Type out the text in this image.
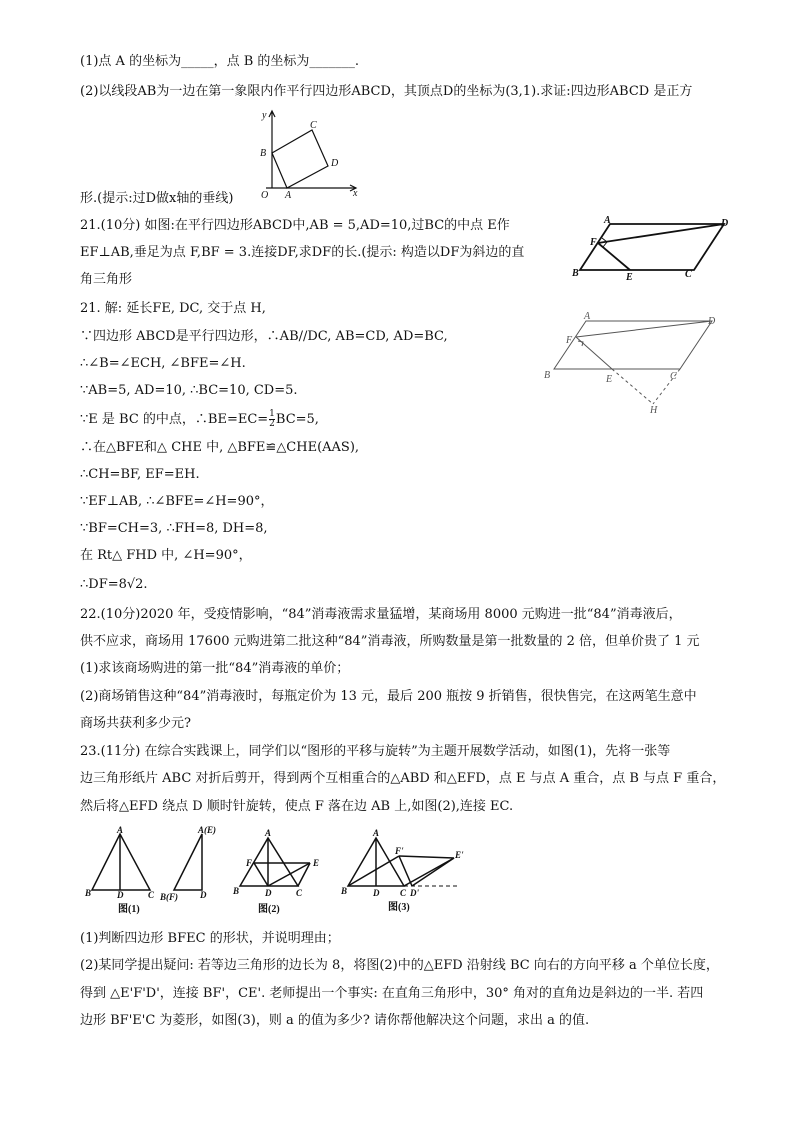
(1)点 A 的坐标为_____，点 B 的坐标为_______.
(2)以线段AB为一边在第一象限内作平行四边形ABCD，其顶点D的坐标为(3,1).求证:四边形ABCD 是正方
y
C
B
D
O A	x
形.(提示:过D做x轴的垂线)
21.(10分) 如图:在平行四边形ABCD中,AB = 5,AD=10,过BC的中点 E作
EF⊥AB,垂足为点 F,BF = 3.连接DF,求DF的长.(提示: 构造以DF为斜边的直
角三角形
A	D
F
B	E	C
21. 解: 延长FE, DC, 交于点 H,
∵四边形 ABCD是平行四边形，∴AB//DC, AB=CD, AD=BC,
∴∠B=∠ECH, ∠BFE=∠H.
∵AB=5, AD=10, ∴BC=10, CD=5.
∵E 是 BC 的中点，∴BE=EC= $\frac{1}{2} BC=5$,
∴在△BFE和△ CHE 中, △BFE≌△CHE(AAS),
∴CH=BF, EF=EH.
∵EF⊥AB, ∴∠BFE=∠H=90°，
∵BF=CH=3, ∴FH=8, DH=8,
在 Rt△ FHD 中, ∠H=90°，
∴DF=8√2.
A	D
F
B	E	C
H
22.(10分)2020 年，受疫情影响，“84”消毒液需求量猛增，某商场用 8000 元购进一批“84”消毒液后，
供不应求，商场用 17600 元购进第二批这种“84”消毒液，所购数量是第一批数量的 2 倍，但单价贵了 1 元
(1)求该商场购进的第一批“84”消毒液的单价；
(2)商场销售这种“84”消毒液时，每瓶定价为 13 元，最后 200 瓶按 9 折销售，很快售完，在这两笔生意中
商场共获利多少元?
23.(11分) 在综合实践课上，同学们以“图形的平移与旋转”为主题开展数学活动，如图(1)，先将一张等
边三角形纸片 ABC 对折后剪开，得到两个互相重合的△ABD 和△EFD，点 E 与点 A 重合，点 B 与点 F 重合，
然后将△EFD 绕点 D 顺时针旋转，使点 F 落在边 AB 上,如图(2),连接 EC.
A	A(E)
B	D	C B(F) D
A
F	E
B	D	C
A
F'	E'
B	D C D'
图(1)	图(2)	图(3)
(1)判断四边形 BFEC 的形状，并说明理由；
(2)某同学提出疑问: 若等边三角形的边长为 8，将图(2)中的△EFD 沿射线 BC 向右的方向平移 a 个单位长度，
得到 △E'F'D'，连接 BF'，CE'. 老师提出一个事实: 在直角三角形中，30° 角对的直角边是斜边的一半. 若四
边形 BF'E'C 为菱形，如图(3)，则 a 的值为多少? 请你帮他解决这个问题，求出 a 的值.
